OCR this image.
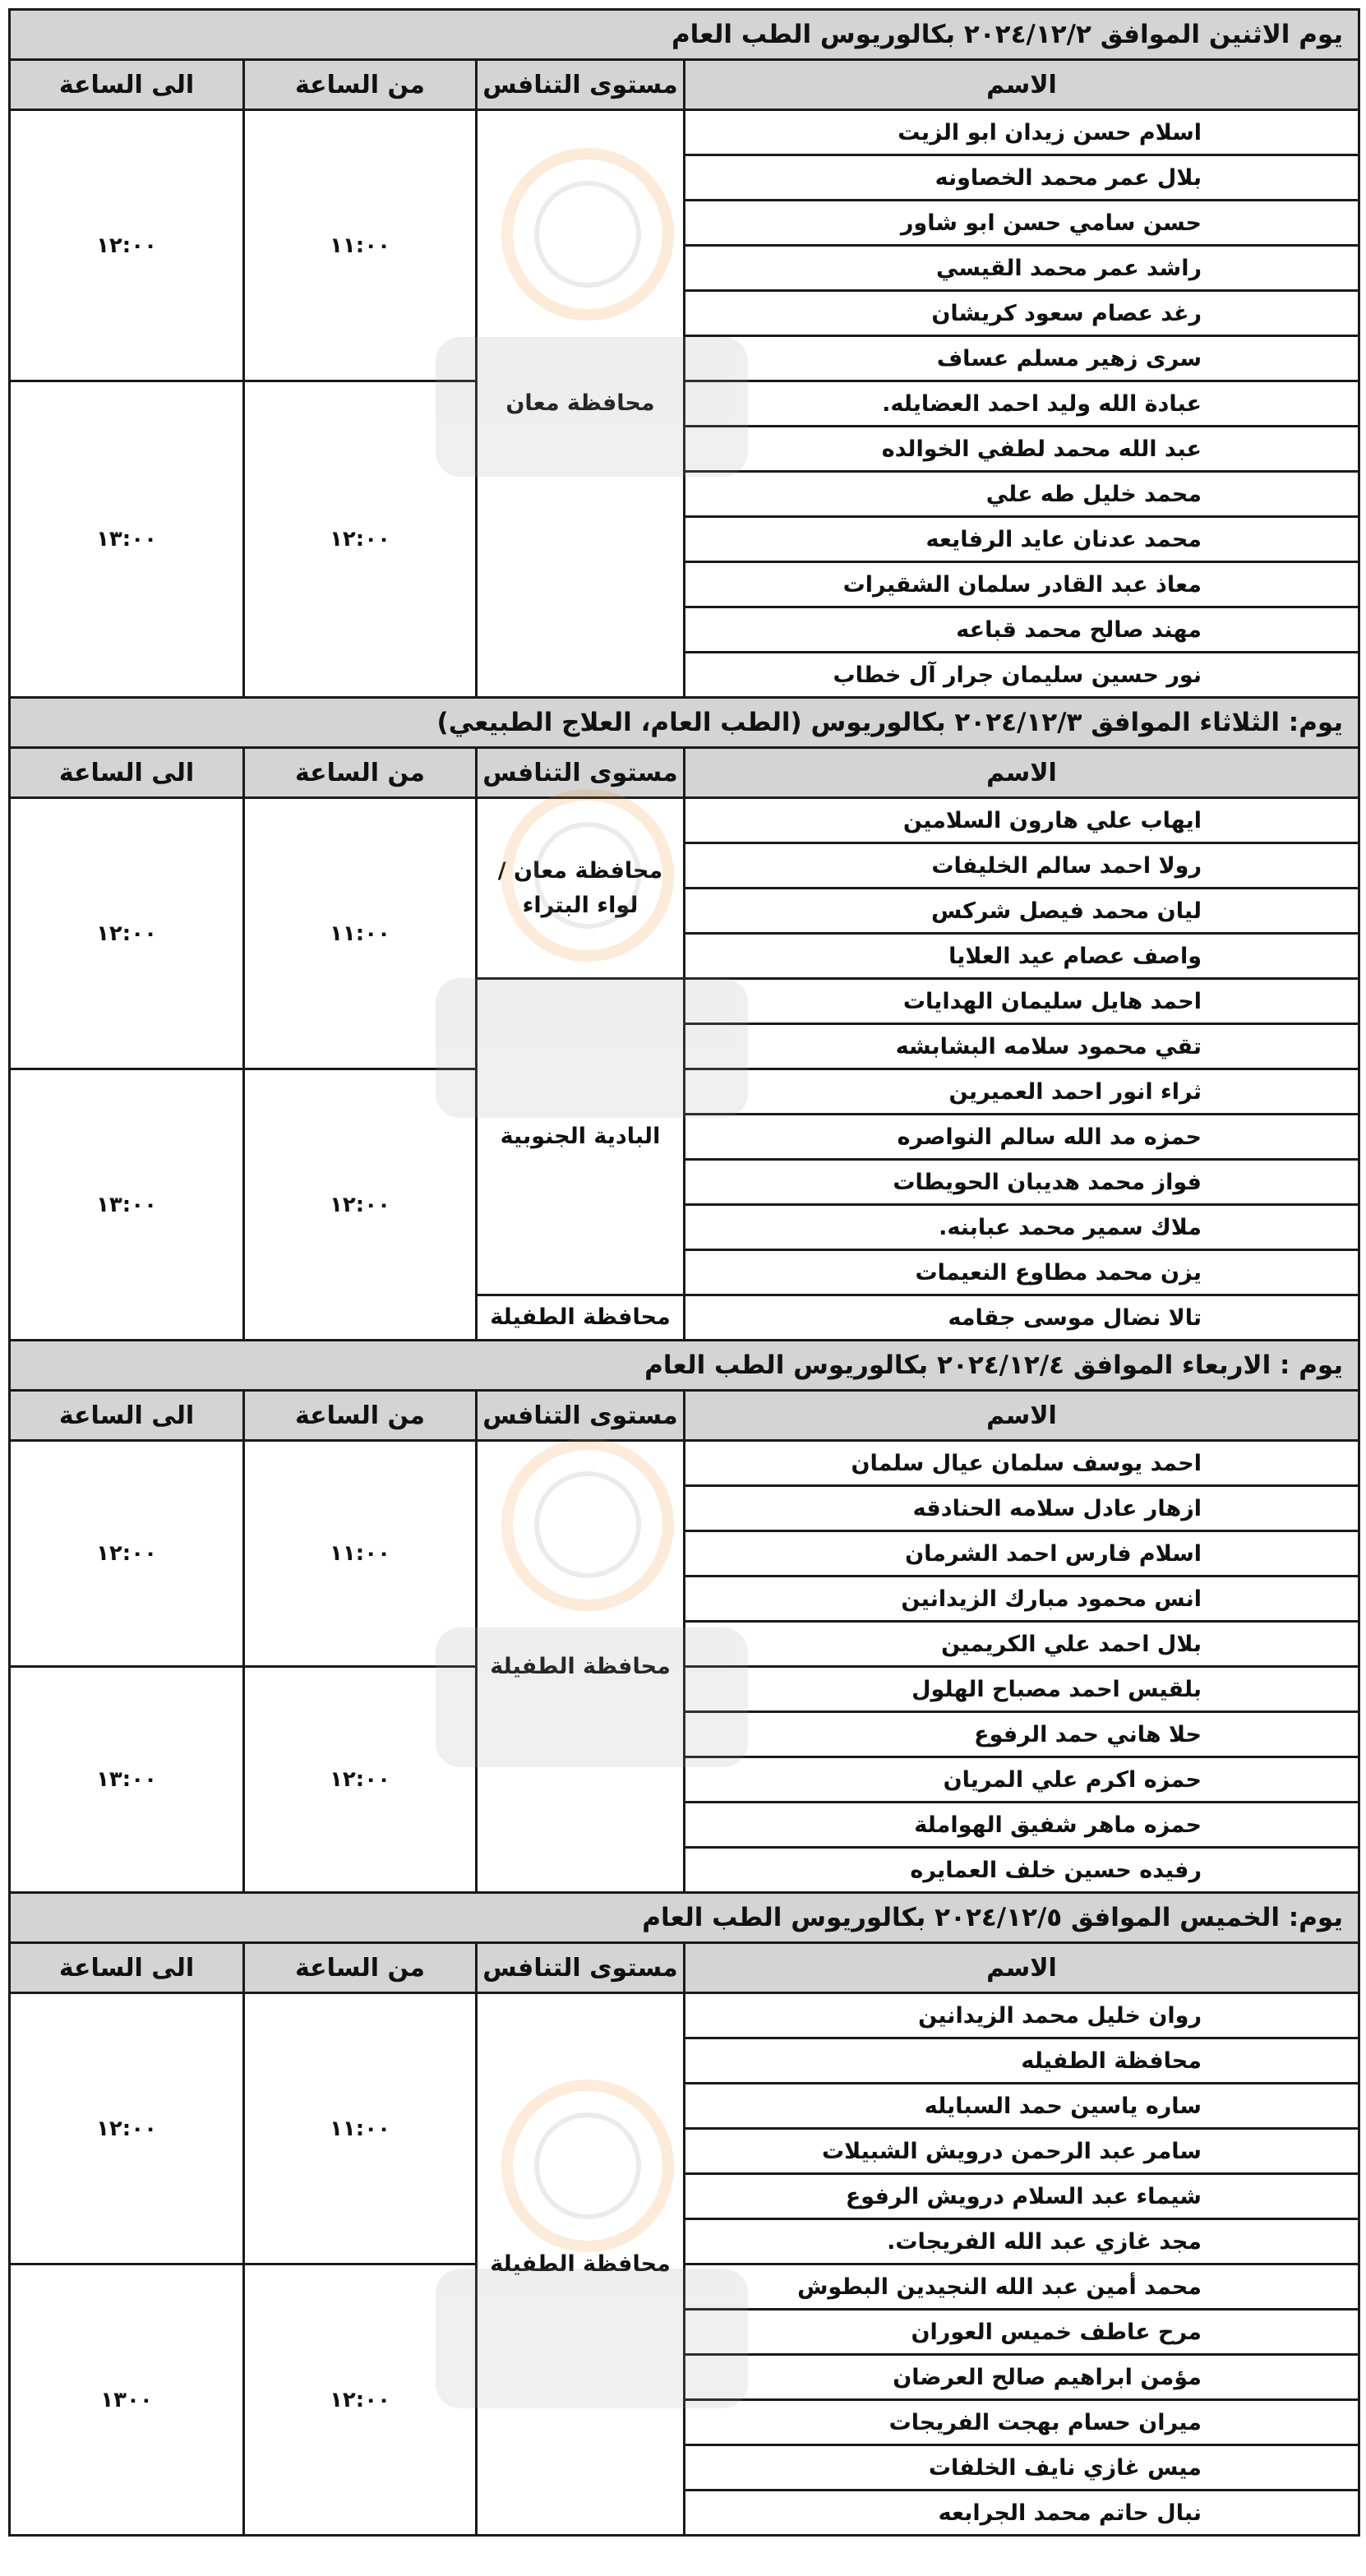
يوم الاثنين الموافق ٢٠٢٤/١٢/٢ بكالوريوس الطب العام			
الاسم	مستوى التنافس	من الساعة	الى الساعة
اسلام حسن زيدان ابو الزيت	محافظة معان	١١:٠٠	١٢:٠٠
بلال عمر محمد الخصاونه			
حسن سامي حسن ابو شاور			
راشد عمر محمد القيسي			
رغد عصام سعود كريشان			
سرى زهير مسلم عساف			
عبادة الله وليد احمد العضايله.		١٢:٠٠	١٣:٠٠
عبد الله محمد لطفي الخوالده			
محمد خليل طه علي			
محمد عدنان عايد الرفايعه			
معاذ عبد القادر سلمان الشقيرات			
مهند صالح محمد قباعه			
نور حسين سليمان جرار آل خطاب			
يوم: الثلاثاء الموافق ٢٠٢٤/١٢/٣ بكالوريوس (الطب العام، العلاج الطبيعي)			
الاسم	مستوى التنافس	من الساعة	الى الساعة
ايهاب علي هارون السلامين	محافظة معان / لواء البتراء	١١:٠٠	١٢:٠٠
رولا احمد سالم الخليفات			
ليان محمد فيصل شركس			
واصف عصام عيد العلايا			
احمد هايل سليمان الهدايات	البادية الجنوبية		
تقي محمود سلامه البشابشه			
ثراء انور احمد العميرين		١٢:٠٠	١٣:٠٠
حمزه مد الله سالم النواصره			
فواز محمد هديبان الحويطات			
ملاك سمير محمد عبابنه.			
يزن محمد مطاوع النعيمات			
تالا نضال موسى جقامه	محافظة الطفيلة		
يوم : الاربعاء الموافق ٢٠٢٤/١٢/٤ بكالوريوس الطب العام			
الاسم	مستوى التنافس	من الساعة	الى الساعة
احمد يوسف سلمان عيال سلمان	محافظة الطفيلة	١١:٠٠	١٢:٠٠
ازهار عادل سلامه الحنادقه			
اسلام فارس احمد الشرمان			
انس محمود مبارك الزيدانين			
بلال احمد علي الكريمين			
بلقيس احمد مصباح الهلول		١٢:٠٠	١٣:٠٠
حلا هاني حمد الرفوع			
حمزه اكرم علي المريان			
حمزه ماهر شفيق الهواملة			
رفيده حسين خلف العمايره			
يوم: الخميس الموافق ٢٠٢٤/١٢/٥ بكالوريوس الطب العام			
الاسم	مستوى التنافس	من الساعة	الى الساعة
روان خليل محمد الزيدانين	محافظة الطفيلة	١١:٠٠	١٢:٠٠
محافظة الطفيله			
ساره ياسين حمد السبايله			
سامر عبد الرحمن درويش الشبيلات			
شيماء عبد السلام درويش الرفوع			
مجد غازي عبد الله الفريجات.			
محمد أمين عبد الله النجيدين البطوش		١٢:٠٠	١٣٠٠
مرح عاطف خميس العوران			
مؤمن ابراهيم صالح العرضان			
ميران حسام بهجت الفريجات			
ميس غازي نايف الخلفات			
نبال حاتم محمد الجرابعه			
